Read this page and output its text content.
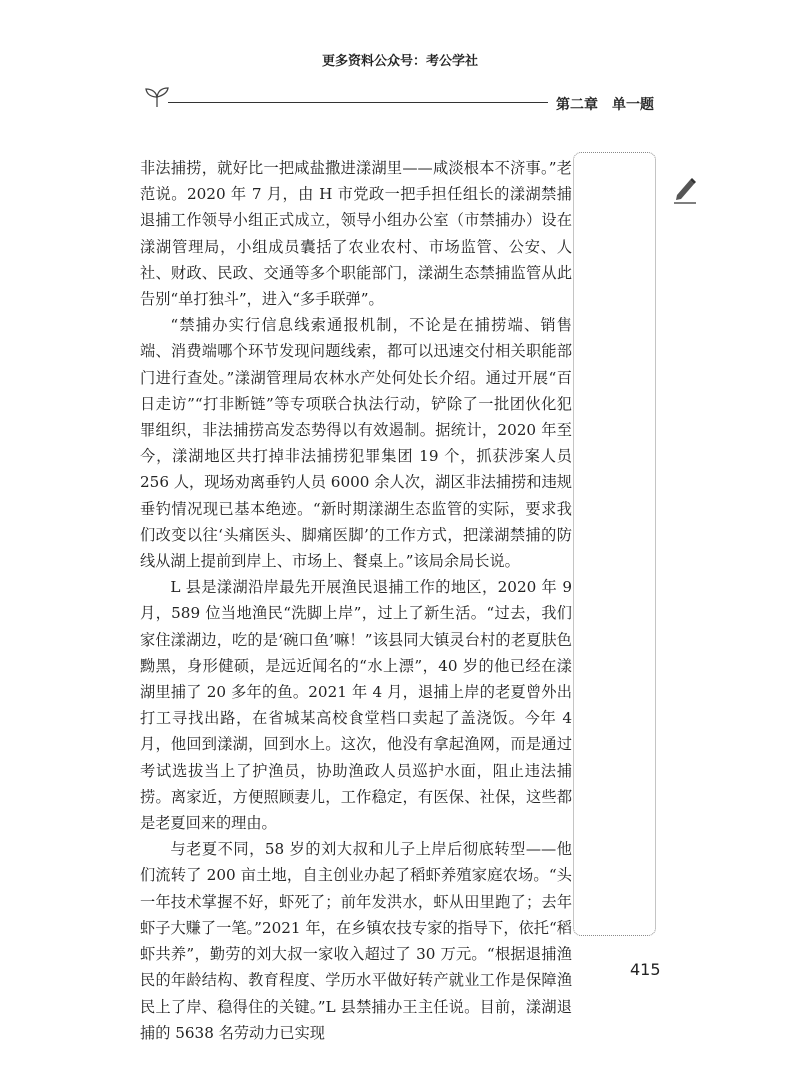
更多资料公众号：考公学社
第二章　单一题

非法捕捞，就好比一把咸盐撒进漾湖里——咸淡根本不济事。”老范说。2020 年 7 月，由 H 市党政一把手担任组长的漾湖禁捕退捕工作领导小组正式成立，领导小组办公室（市禁捕办）设在漾湖管理局，小组成员囊括了农业农村、市场监管、公安、人社、财政、民政、交通等多个职能部门，漾湖生态禁捕监管从此告别“单打独斗”，进入“多手联弹”。

“禁捕办实行信息线索通报机制，不论是在捕捞端、销售端、消费端哪个环节发现问题线索，都可以迅速交付相关职能部门进行查处。”漾湖管理局农林水产处何处长介绍。通过开展“百日走访”“打非断链”等专项联合执法行动，铲除了一批团伙化犯罪组织，非法捕捞高发态势得以有效遏制。据统计，2020 年至今，漾湖地区共打掉非法捕捞犯罪集团 19 个，抓获涉案人员 256 人，现场劝离垂钓人员 6000 余人次，湖区非法捕捞和违规垂钓情况现已基本绝迹。“新时期漾湖生态监管的实际，要求我们改变以往‘头痛医头、脚痛医脚’的工作方式，把漾湖禁捕的防线从湖上提前到岸上、市场上、餐桌上。”该局余局长说。

L 县是漾湖沿岸最先开展渔民退捕工作的地区，2020 年 9 月，589 位当地渔民“洗脚上岸”，过上了新生活。“过去，我们家住漾湖边，吃的是‘碗口鱼’嘛！”该县同大镇灵台村的老夏肤色黝黑，身形健硕，是远近闻名的“水上漂”，40 岁的他已经在漾湖里捕了 20 多年的鱼。2021 年 4 月，退捕上岸的老夏曾外出打工寻找出路，在省城某高校食堂档口卖起了盖浇饭。今年 4 月，他回到漾湖，回到水上。这次，他没有拿起渔网，而是通过考试选拔当上了护渔员，协助渔政人员巡护水面，阻止违法捕捞。离家近，方便照顾妻儿，工作稳定，有医保、社保，这些都是老夏回来的理由。

与老夏不同，58 岁的刘大叔和儿子上岸后彻底转型——他们流转了 200 亩土地，自主创业办起了稻虾养殖家庭农场。“头一年技术掌握不好，虾死了；前年发洪水，虾从田里跑了；去年虾子大赚了一笔。”2021 年，在乡镇农技专家的指导下，依托“稻虾共养”，勤劳的刘大叔一家收入超过了 30 万元。“根据退捕渔民的年龄结构、教育程度、学历水平做好转产就业工作是保障渔民上了岸、稳得住的关键。”L 县禁捕办王主任说。目前，漾湖退捕的 5638 名劳动力已实现

415
